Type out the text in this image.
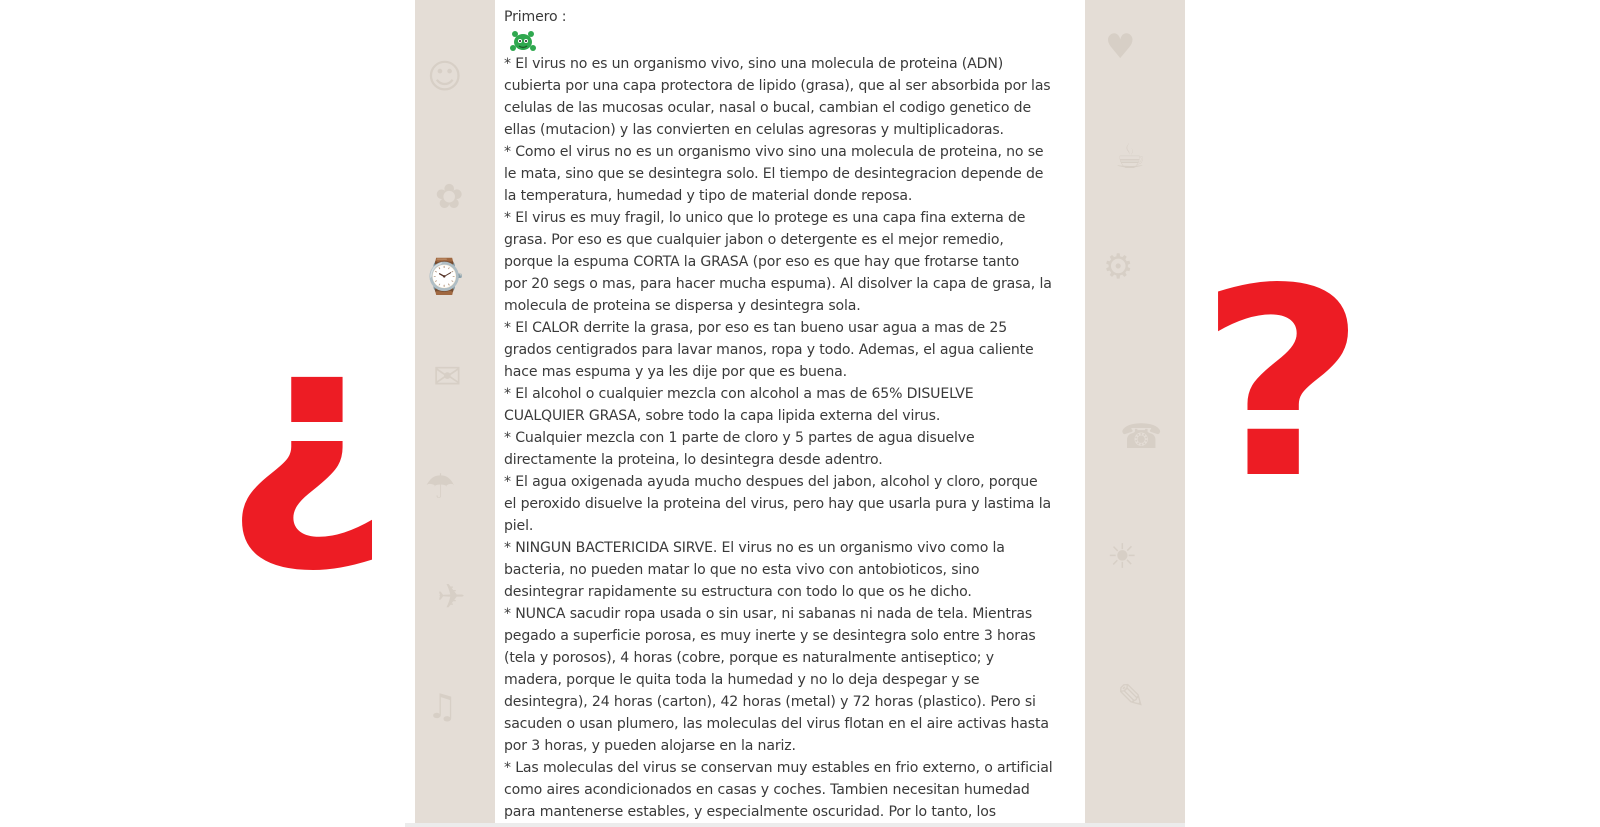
☺
✿
⌚
✉
☂
✈
♫
♥
☕
⚙
☎
☀
✎
Primero :
* El virus no es un organismo vivo, sino una molecula de proteina (ADN)
cubierta por una capa protectora de lipido (grasa), que al ser absorbida por las
celulas de las mucosas ocular, nasal o bucal, cambian el codigo genetico de
ellas (mutacion) y las convierten en celulas agresoras y multiplicadoras.
* Como el virus no es un organismo vivo sino una molecula de proteina, no se
le mata, sino que se desintegra solo. El tiempo de desintegracion depende de
la temperatura, humedad y tipo de material donde reposa.
* El virus es muy fragil, lo unico que lo protege es una capa fina externa de
grasa. Por eso es que cualquier jabon o detergente es el mejor remedio,
porque la espuma CORTA la GRASA (por eso es que hay que frotarse tanto
por 20 segs o mas, para hacer mucha espuma). Al disolver la capa de grasa, la
molecula de proteina se dispersa y desintegra sola.
* El CALOR derrite la grasa, por eso es tan bueno usar agua a mas de 25
grados centigrados para lavar manos, ropa y todo. Ademas, el agua caliente
hace mas espuma y ya les dije por que es buena.
* El alcohol o cualquier mezcla con alcohol a mas de 65% DISUELVE
CUALQUIER GRASA, sobre todo la capa lipida externa del virus.
* Cualquier mezcla con 1 parte de cloro y 5 partes de agua disuelve
directamente la proteina, lo desintegra desde adentro.
* El agua oxigenada ayuda mucho despues del jabon, alcohol y cloro, porque
el peroxido disuelve la proteina del virus, pero hay que usarla pura y lastima la
piel.
* NINGUN BACTERICIDA SIRVE. El virus no es un organismo vivo como la
bacteria, no pueden matar lo que no esta vivo con antobioticos, sino
desintegrar rapidamente su estructura con todo lo que os he dicho.
* NUNCA sacudir ropa usada o sin usar, ni sabanas ni nada de tela. Mientras
pegado a superficie porosa, es muy inerte y se desintegra solo entre 3 horas
(tela y porosos), 4 horas (cobre, porque es naturalmente antiseptico; y
madera, porque le quita toda la humedad y no lo deja despegar y se
desintegra), 24 horas (carton), 42 horas (metal) y 72 horas (plastico). Pero si
sacuden o usan plumero, las moleculas del virus flotan en el aire activas hasta
por 3 horas, y pueden alojarse en la nariz.
* Las moleculas del virus se conservan muy estables en frio externo, o artificial
como aires acondicionados en casas y coches. Tambien necesitan humedad
para mantenerse estables, y especialmente oscuridad. Por lo tanto, los
¿	?
